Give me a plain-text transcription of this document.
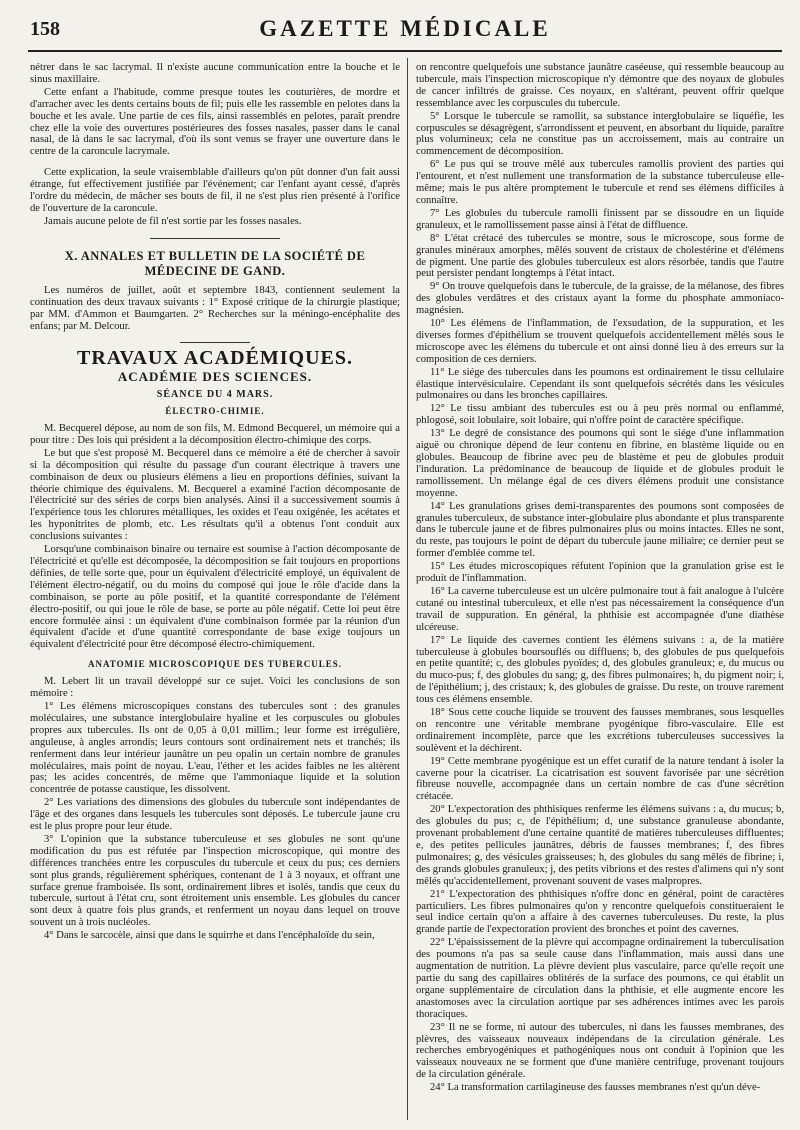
158	GAZETTE MÉDICALE

nétrer dans le sac lacrymal. Il n'existe aucune communication entre la bouche et le sinus maxillaire.

Cette enfant a l'habitude, comme presque toutes les couturières, de mordre et d'arracher avec les dents certains bouts de fil; puis elle les rassemble en pelotes dans la bouche et les avale. Une partie de ces fils, ainsi rassemblés en pelotes, paraît prendre chez elle la voie des ouvertures postérieures des fosses nasales, passer dans le canal nasal, de là dans le sac lacrymal, d'où ils sont venus se frayer une ouverture dans le centre de la caroncule lacrymale.

Cette explication, la seule vraisemblable d'ailleurs qu'on pût donner d'un fait aussi étrange, fut effectivement justifiée par l'événement; car l'enfant ayant cessé, d'après l'ordre du médecin, de mâcher ses bouts de fil, il ne s'est plus rien présenté à l'orifice de l'ouverture de la caroncule.

Jamais aucune pelote de fil n'est sortie par les fosses nasales.

X. ANNALES ET BULLETIN DE LA SOCIÉTÉ DE MÉDECINE DE GAND.

Les numéros de juillet, août et septembre 1843, contiennent seulement la continuation des deux travaux suivants : 1° Exposé critique de la chirurgie plastique; par MM. d'Ammon et Baumgarten. 2° Recherches sur la méningo-encéphalite des enfans; par M. Delcour.

TRAVAUX ACADÉMIQUES.
ACADÉMIE DES SCIENCES.
SÉANCE DU 4 MARS.
ÉLECTRO-CHIMIE.

M. Becquerel dépose, au nom de son fils, M. Edmond Becquerel, un mémoire qui a pour titre : Des lois qui président a la décomposition électro-chimique des corps.

Le but que s'est proposé M. Becquerel dans ce mémoire a été de chercher à savoir si la décomposition qui résulte du passage d'un courant électrique à travers une combinaison de deux ou plusieurs élémens a lieu en proportions définies, suivant la théorie chimique des équivalens. M. Becquerel a examiné l'action décomposante de l'électricité sur des séries de corps bien analysés. Ainsi il a successivement soumis à l'expérience tous les chlorures métalliques, les oxides et l'eau oxigénée, les acétates et les hyponitrites de plomb, etc. Les résultats qu'il a obtenus l'ont conduit aux conclusions suivantes :

Lorsqu'une combinaison binaire ou ternaire est soumise à l'action décomposante de l'électricité et qu'elle est décomposée, la décomposition se fait toujours en proportions définies, de telle sorte que, pour un équivalent d'électricité employé, un équivalent de l'élément électro-négatif, ou du moins du composé qui joue le rôle d'acide dans la combinaison, se porte au pôle positif, et la quantité correspondante de l'élément électro-positif, ou qui joue le rôle de base, se porte au pôle négatif. Cette loi peut être encore formulée ainsi : un équivalent d'une combinaison formée par la réunion d'un équivalent d'acide et d'une quantité correspondante de base exige toujours un équivalent d'électricité pour être décomposé électro-chimiquement.

ANATOMIE MICROSCOPIQUE DES TUBERCULES.

M. Lebert lit un travail développé sur ce sujet. Voici les conclusions de son mémoire :

1° Les élémens microscopiques constans des tubercules sont : des granules moléculaires, une substance interglobulaire hyaline et les corpuscules ou globules propres aux tubercules. Ils ont de 0,05 à 0,01 millim.; leur forme est irrégulière, anguleuse, à angles arrondis; leurs contours sont ordinairement nets et tranchés; ils renferment dans leur intérieur jaunâtre un peu opalin un certain nombre de granules moléculaires, mais point de noyau. L'eau, l'éther et les acides faibles ne les altèrent pas; les acides concentrés, de même que l'ammoniaque liquide et la solution concentrée de potasse caustique, les dissolvent.

2° Les variations des dimensions des globules du tubercule sont indépendantes de l'âge et des organes dans lesquels les tubercules sont déposés. Le tubercule jaune cru est le plus propre pour leur étude.

3° L'opinion que la substance tuberculeuse et ses globules ne sont qu'une modification du pus est réfutée par l'inspection microscopique, qui montre des différences tranchées entre les corpuscules du tubercule et ceux du pus; ces derniers sont plus grands, régulièrement sphériques, contenant de 1 à 3 noyaux, et offrant une surface grenue framboisée. Ils sont, ordinairement libres et isolés, tandis que ceux du tubercule, surtout à l'état cru, sont étroitement unis ensemble. Les globules du cancer sont deux à quatre fois plus grands, et renferment un noyau dans lequel on trouve souvent un à trois nucléoles.

4° Dans le sarcocèle, ainsi que dans le squirrhe et dans l'encéphaloïde du sein,

on rencontre quelquefois une substance jaunâtre caséeuse, qui ressemble beaucoup au tubercule, mais l'inspection microscopique n'y démontre que des noyaux de globules de cancer infiltrés de graisse. Ces noyaux, en s'altérant, peuvent offrir quelque ressemblance avec les corpuscules du tubercule.

5° Lorsque le tubercule se ramollit, sa substance interglobulaire se liquéfie, les corpuscules se désagrègent, s'arrondissent et peuvent, en absorbant du liquide, paraître plus volumineux; cela ne constitue pas un accroissement, mais au contraire un commencement de décomposition.

6° Le pus qui se trouve mêlé aux tubercules ramollis provient des parties qui l'entourent, et n'est nullement une transformation de la substance tuberculeuse elle-même; mais le pus altère promptement le tubercule et rend ses élémens difficiles à connaître.

7° Les globules du tubercule ramolli finissent par se dissoudre en un liquide granuleux, et le ramollissement passe ainsi à l'état de diffluence.

8° L'état crétacé des tubercules se montre, sous le microscope, sous forme de granules minéraux amorphes, mêlés souvent de cristaux de cholestérine et d'élémens de pigment. Une partie des globules tuberculeux est alors résorbée, tandis que l'autre peut persister pendant longtemps à l'état intact.

9° On trouve quelquefois dans le tubercule, de la graisse, de la mélanose, des fibres des globules verdâtres et des cristaux ayant la forme du phosphate ammoniaco-magnésien.

10° Les élémens de l'inflammation, de l'exsudation, de la suppuration, et les diverses formes d'épithélium se trouvent quelquefois accidentellement mêlés sous le microscope avec les élémens du tubercule et ont ainsi donné lieu à des erreurs sur la composition de ces derniers.

11° Le siége des tubercules dans les poumons est ordinairement le tissu cellulaire élastique intervésiculaire. Cependant ils sont quelquefois sécrétés dans les vésicules pulmonaires ou dans les bronches capillaires.

12° Le tissu ambiant des tubercules est ou à peu près normal ou enflammé, phlogosé, soit lobulaire, soit lobaire, qui n'offre point de caractère spécifique.

13° Le degré de consistance des poumons qui sont le siége d'une inflammation aiguë ou chronique dépend de leur contenu en fibrine, en blastème liquide ou en globules. Beaucoup de fibrine avec peu de blastème et peu de globules produit l'induration. La prédominance de beaucoup de liquide et de globules produit le ramollissement. Un mélange égal de ces divers élémens produit une consistance moyenne.

14° Les granulations grises demi-transparentes des poumons sont composées de granules tuberculeux, de substance inter-globulaire plus abondante et plus transparente dans le tubercule jaune et de fibres pulmonaires plus ou moins intactes. Elles ne sont, du reste, pas toujours le point de départ du tubercule jaune miliaire; ce dernier peut se former d'emblée comme tel.

15° Les études microscopiques réfutent l'opinion que la granulation grise est le produit de l'inflammation.

16° La caverne tuberculeuse est un ulcère pulmonaire tout à fait analogue à l'ulcère cutané ou intestinal tuberculeux, et elle n'est pas nécessairement la conséquence d'un travail de suppuration. En général, la phthisie est accompagnée d'une diathèse ulcéreuse.

17° Le liquide des cavernes contient les élémens suivans : a, de la matière tuberculeuse à globules boursouflés ou diffluens; b, des globules de pus quelquefois en petite quantité; c, des globules pyoïdes; d, des globules granuleux; e, du mucus ou du muco-pus; f, des globules du sang; g, des fibres pulmonaires; h, du pigment noir; i, de l'épithélium; j, des cristaux; k, des globules de graisse. Du reste, on trouve rarement tous ces élémens ensemble.

18° Sous cette couche liquide se trouvent des fausses membranes, sous lesquelles on rencontre une véritable membrane pyogénique fibro-vasculaire. Elle est ordinairement incomplète, parce que les excrétions tuberculeuses successives la soulèvent et la déchirent.

19° Cette membrane pyogénique est un effet curatif de la nature tendant à isoler la caverne pour la cicatriser. La cicatrisation est souvent favorisée par une sécrétion fibreuse nouvelle, accompagnée dans un certain nombre de cas d'une sécrétion crétacée.

20° L'expectoration des phthisiques renferme les élémens suivans : a, du mucus; b, des globules du pus; c, de l'épithélium; d, une substance granuleuse abondante, provenant probablement d'une certaine quantité de matières tuberculeuses diffluentes; e, des petites pellicules jaunâtres, débris de fausses membranes; f, des fibres pulmonaires; g, des vésicules graisseuses; h, des globules du sang mêlés de fibrine; i, des grands globules granuleux; j, des petits vibrions et des restes d'alimens qui n'y sont mêlés qu'accidentellement, provenant souvent de vases malpropres.

21° L'expectoration des phthisiques n'offre donc en général, point de caractères particuliers. Les fibres pulmonaires qu'on y rencontre quelquefois constitueraient le seul indice certain qu'on a affaire à des cavernes tuberculeuses. Du reste, la plus grande partie de l'expectoration provient des bronches et point des cavernes.

22° L'épaississement de la plèvre qui accompagne ordinairement la tuberculisation des poumons n'a pas sa seule cause dans l'inflammation, mais aussi dans une augmentation de nutrition. La plèvre devient plus vasculaire, parce qu'elle reçoit une partie du sang des capillaires oblitérés de la surface des poumons, ce qui établit un organe supplémentaire de circulation dans la phthisie, et elle augmente encore les anastomoses avec la circulation aortique par ses adhérences intimes avec les parois thoraciques.

23° Il ne se forme, ni autour des tubercules, ni dans les fausses membranes, des plèvres, des vaisseaux nouveaux indépendans de la circulation générale. Les recherches embryogéniques et pathogéniques nous ont conduit à l'opinion que les vaisseaux nouveaux ne se forment que d'une manière centrifuge, provenant toujours de la circulation générale.

24° La transformation cartilagineuse des fausses membranes n'est qu'un déve-
